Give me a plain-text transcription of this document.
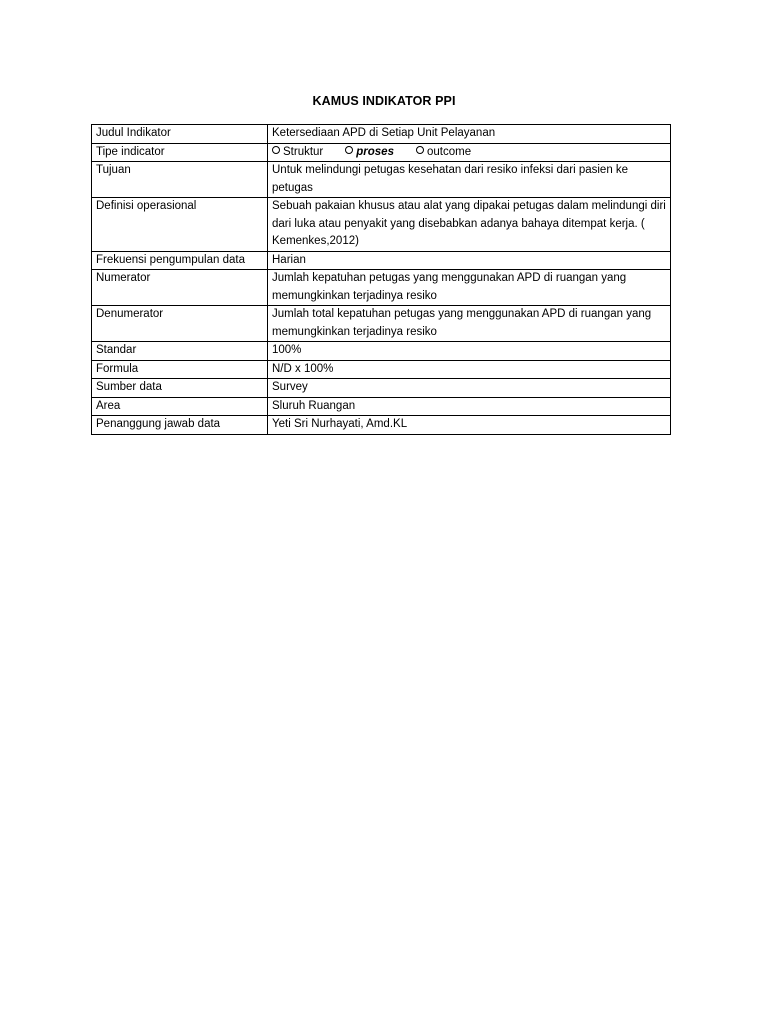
KAMUS INDIKATOR PPI
Judul Indikator	Ketersediaan APD di Setiap Unit Pelayanan
Tipe indicator	Struktur proses outcome
Tujuan	Untuk melindungi petugas kesehatan dari resiko infeksi dari pasien ke petugas
Definisi operasional	Sebuah pakaian khusus atau alat yang dipakai petugas dalam melindungi diri dari luka atau penyakit yang disebabkan adanya bahaya ditempat kerja. ( Kemenkes,2012)
Frekuensi pengumpulan data	Harian
Numerator	Jumlah kepatuhan petugas yang menggunakan APD di ruangan yang memungkinkan terjadinya resiko
Denumerator	Jumlah total kepatuhan petugas yang menggunakan APD di ruangan yang memungkinkan terjadinya resiko
Standar	100%
Formula	N/D x 100%
Sumber data	Survey
Area	Sluruh Ruangan
Penanggung jawab data	Yeti Sri Nurhayati, Amd.KL
